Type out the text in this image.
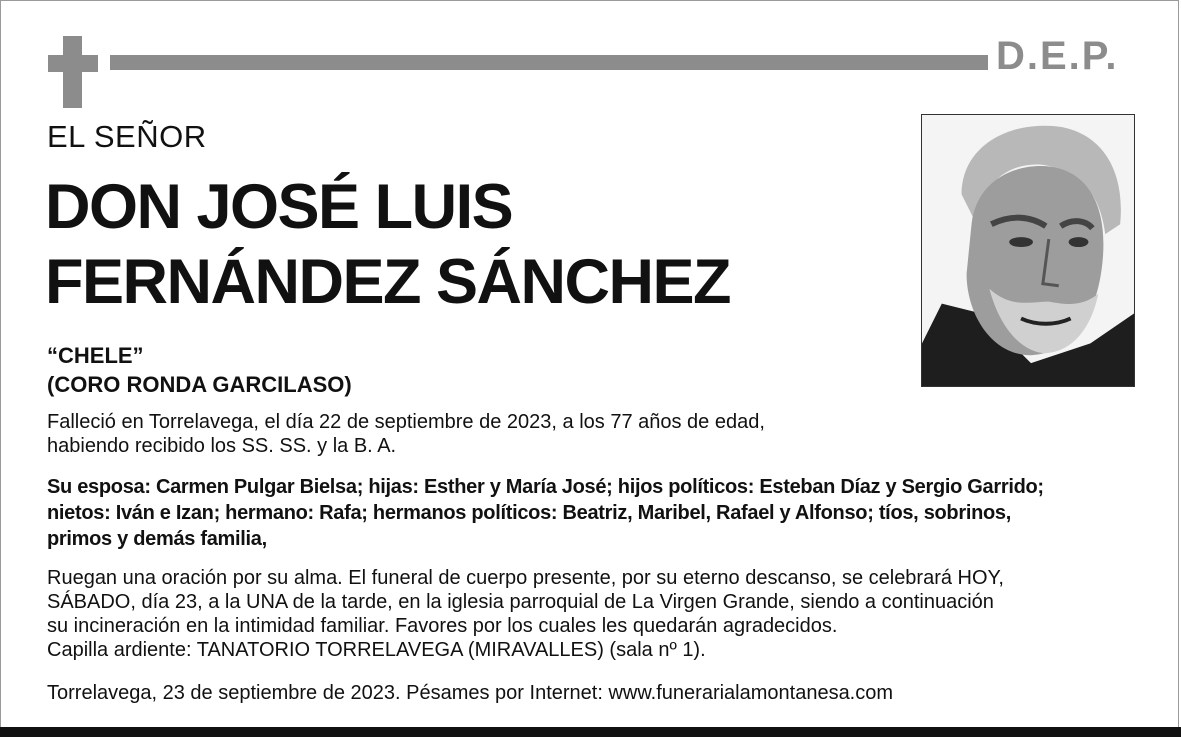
D.E.P.
EL SEÑOR
DON JOSÉ LUIS
FERNÁNDEZ SÁNCHEZ
“CHELE”
(CORO RONDA GARCILASO)
Falleció en Torrelavega, el día 22 de septiembre de 2023, a los 77 años de edad,
habiendo recibido los SS. SS. y la B. A.
Su esposa: Carmen Pulgar Bielsa; hijas: Esther y María José; hijos políticos: Esteban Díaz y Sergio Garrido;
nietos: Iván e Izan; hermano: Rafa; hermanos políticos: Beatriz, Maribel, Rafael y Alfonso; tíos, sobrinos,
primos y demás familia,
Ruegan una oración por su alma. El funeral de cuerpo presente, por su eterno descanso, se celebrará HOY,
SÁBADO, día 23, a la UNA de la tarde, en la iglesia parroquial de La Virgen Grande, siendo a continuación
su incineración en la intimidad familiar. Favores por los cuales les quedarán agradecidos.
Capilla ardiente: TANATORIO TORRELAVEGA (MIRAVALLES) (sala nº 1).
Torrelavega, 23 de septiembre de 2023. Pésames por Internet: www.funerarialamontanesa.com
